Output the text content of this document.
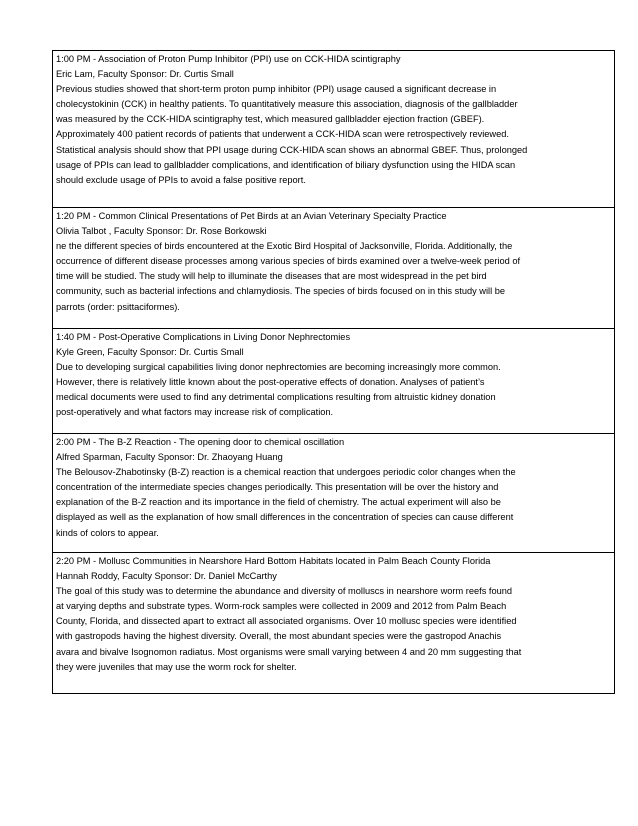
1:00 PM - Association of Proton Pump Inhibitor (PPI) use on CCK-HIDA scintigraphy
Eric Lam, Faculty Sponsor: Dr. Curtis Small
Previous studies showed that short-term proton pump inhibitor (PPI) usage caused a significant decrease in
cholecystokinin (CCK) in healthy patients. To quantitatively measure this association, diagnosis of the gallbladder
was measured by the CCK-HIDA scintigraphy test, which measured gallbladder ejection fraction (GBEF).
Approximately 400 patient records of patients that underwent a CCK-HIDA scan were retrospectively reviewed.
Statistical analysis should show that PPI usage during CCK-HIDA scan shows an abnormal GBEF. Thus, prolonged
usage of PPIs can lead to gallbladder complications, and identification of biliary dysfunction using the HIDA scan
should exclude usage of PPIs to avoid a false positive report.

1:20 PM - Common Clinical Presentations of Pet Birds at an Avian Veterinary Specialty Practice
Olivia Talbot , Faculty Sponsor: Dr. Rose Borkowski
ne the different species of birds encountered at the Exotic Bird Hospital of Jacksonville, Florida. Additionally, the
occurrence of different disease processes among various species of birds examined over a twelve-week period of
time will be studied. The study will help to illuminate the diseases that are most widespread in the pet bird
community, such as bacterial infections and chlamydiosis. The species of birds focused on in this study will be
parrots (order: psittaciformes).

1:40 PM - Post-Operative Complications in Living Donor Nephrectomies
Kyle Green, Faculty Sponsor: Dr. Curtis Small
Due to developing surgical capabilities living donor nephrectomies are becoming increasingly more common.
However, there is relatively little known about the post-operative effects of donation. Analyses of patient’s
medical documents were used to find any detrimental complications resulting from altruistic kidney donation
post-operatively and what factors may increase risk of complication.

2:00 PM - The B-Z Reaction - The opening door to chemical oscillation
Alfred Sparman, Faculty Sponsor: Dr. Zhaoyang Huang
The Belousov-Zhabotinsky (B-Z) reaction is a chemical reaction that undergoes periodic color changes when the
concentration of the intermediate species changes periodically. This presentation will be over the history and
explanation of the B-Z reaction and its importance in the field of chemistry. The actual experiment will also be
displayed as well as the explanation of how small differences in the concentration of species can cause different
kinds of colors to appear.

2:20 PM - Mollusc Communities in Nearshore Hard Bottom Habitats located in Palm Beach County Florida
Hannah Roddy, Faculty Sponsor: Dr. Daniel McCarthy
The goal of this study was to determine the abundance and diversity of molluscs in nearshore worm reefs found
at varying depths and substrate types. Worm-rock samples were collected in 2009 and 2012 from Palm Beach
County, Florida, and dissected apart to extract all associated organisms. Over 10 mollusc species were identified
with gastropods having the highest diversity. Overall, the most abundant species were the gastropod Anachis
avara and bivalve Isognomon radiatus. Most organisms were small varying between 4 and 20 mm suggesting that
they were juveniles that may use the worm rock for shelter.
